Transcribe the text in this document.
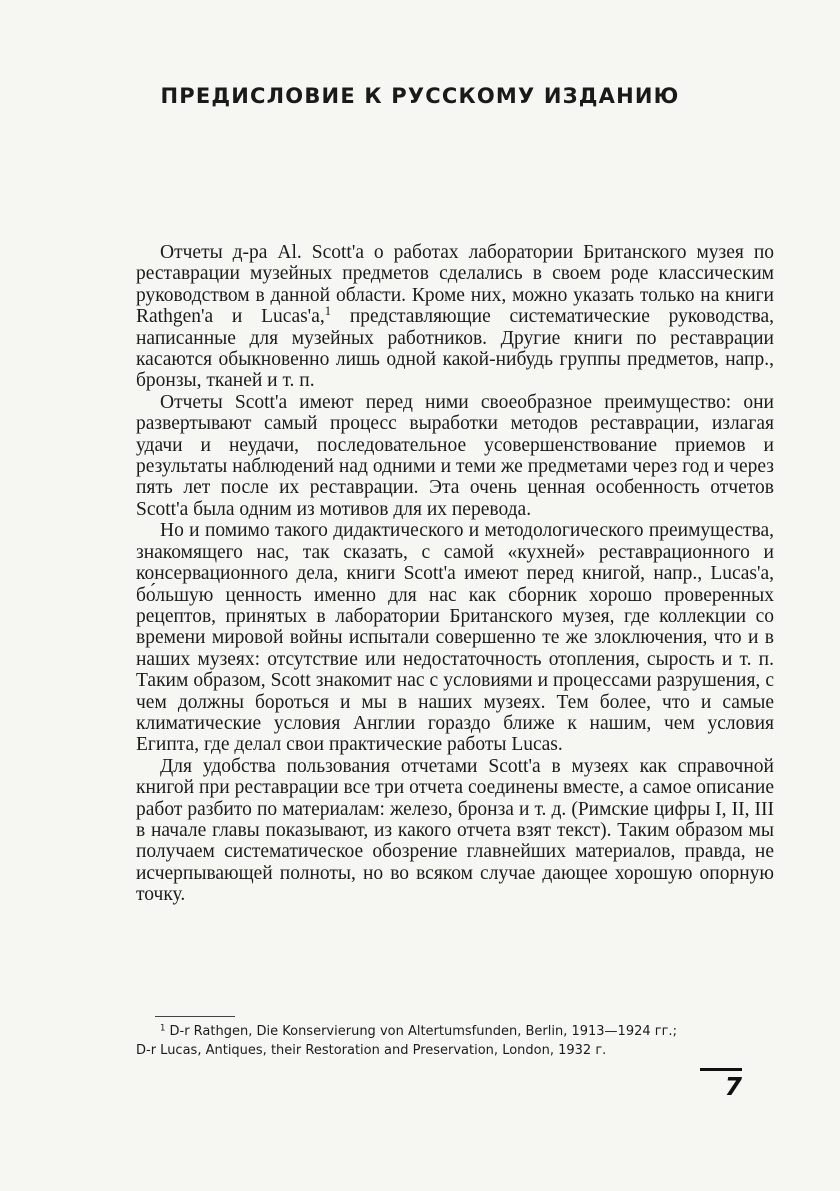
ПРЕДИСЛОВИЕ К РУССКОМУ ИЗДАНИЮ

Отчеты д-ра Al. Scott'a о работах лаборатории Британского музея по реставрации музейных предметов сделались в своем роде классическим руководством в данной области. Кроме них, можно указать только на книги Rathgen'a и Lucas'a,$^1$ представляющие систематические руководства, написанные для музейных работников. Другие книги по реставрации касаются обыкновенно лишь одной какой-нибудь группы предметов, напр., бронзы, тканей и т. п.

Отчеты Scott'a имеют перед ними своеобразное преимущество: они развертывают самый процесс выработки методов реставрации, излагая удачи и неудачи, последовательное усовершенствование приемов и результаты наблюдений над одними и теми же предметами через год и через пять лет после их реставрации. Эта очень ценная особенность отчетов Scott'a была одним из мотивов для их перевода.

Но и помимо такого дидактического и методологического преимущества, знакомящего нас, так сказать, с самой «кухней» реставрационного и консервационного дела, книги Scott'a имеют перед книгой, напр., Lucas'a, бо́льшую ценность именно для нас как сборник хорошо проверенных рецептов, принятых в лаборатории Британского музея, где коллекции со времени мировой войны испытали совершенно те же злоключения, что и в наших музеях: отсутствие или недостаточность отопления, сырость и т. п. Таким образом, Scott знакомит нас с условиями и процессами разрушения, с чем должны бороться и мы в наших музеях. Тем более, что и самые климатические условия Англии гораздо ближе к нашим, чем условия Египта, где делал свои практические работы Lucas.

Для удобства пользования отчетами Scott'a в музеях как справочной книгой при реставрации все три отчета соединены вместе, а самое описание работ разбито по материалам: железо, бронза и т. д. (Римские цифры I, II, III в начале главы показывают, из какого отчета взят текст). Таким образом мы получаем систематическое обозрение главнейших материалов, правда, не исчерпывающей полноты, но во всяком случае дающее хорошую опорную точку.

$^1$ D-r Rathgen, Die Konservierung von Altertumsfunden, Berlin, 1913—1924 гг.;

D-r Lucas, Antiques, their Restoration and Preservation, London, 1932 г.

7
